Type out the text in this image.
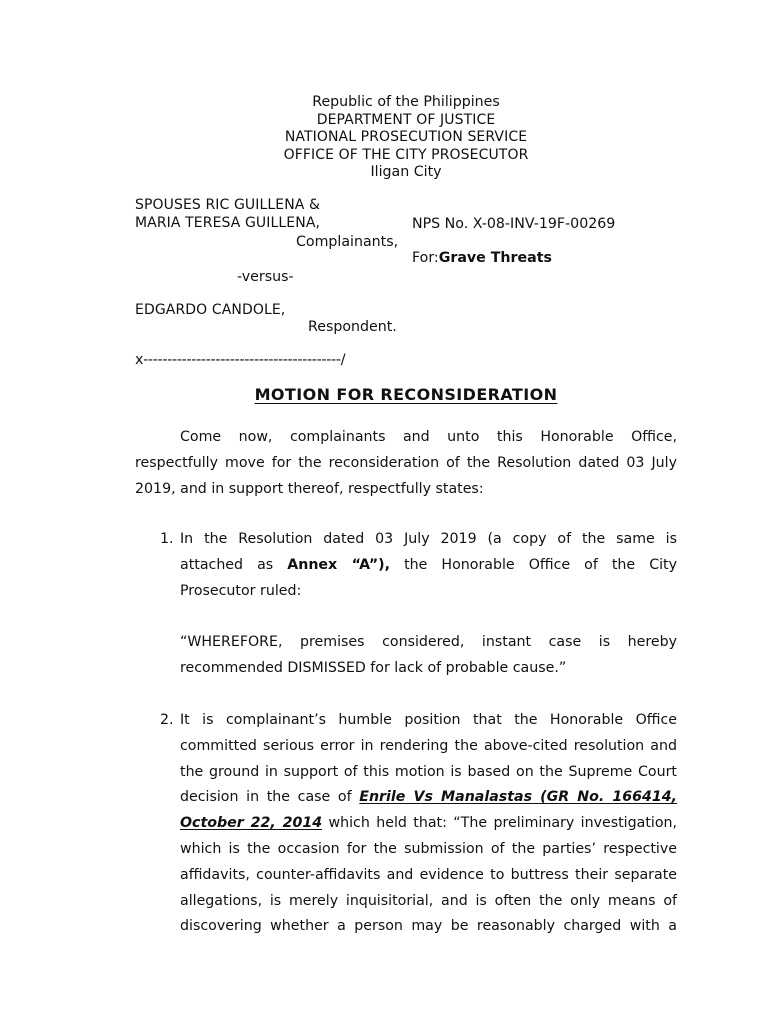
Republic of the Philippines
DEPARTMENT OF JUSTICE
NATIONAL PROSECUTION SERVICE
OFFICE OF THE CITY PROSECUTOR
Iligan City
SPOUSES RIC GUILLENA &
MARIA TERESA GUILLENA,	NPS No. X-08-INV-19F-00269
Complainants,
For:Grave Threats
-versus-
EDGARDO CANDOLE,
Respondent.
x-----------------------------------------/
MOTION FOR RECONSIDERATION
Come now, complainants and unto this Honorable Office,
respectfully move for the reconsideration of the Resolution dated 03 July
2019, and in support thereof, respectfully states:
1. In the Resolution dated 03 July 2019 (a copy of the same is
attached as Annex “A”), the Honorable Office of the City
Prosecutor ruled:
“WHEREFORE, premises considered, instant case is hereby
recommended DISMISSED for lack of probable cause.”
2. It is complainant’s humble position that the Honorable Office
committed serious error in rendering the above-cited resolution and
the ground in support of this motion is based on the Supreme Court
decision in the case of Enrile Vs Manalastas (GR No. 166414,
October 22, 2014 which held that: “The preliminary investigation,
which is the occasion for the submission of the parties’ respective
affidavits, counter-affidavits and evidence to buttress their separate
allegations, is merely inquisitorial, and is often the only means of
discovering whether a person may be reasonably charged with a
